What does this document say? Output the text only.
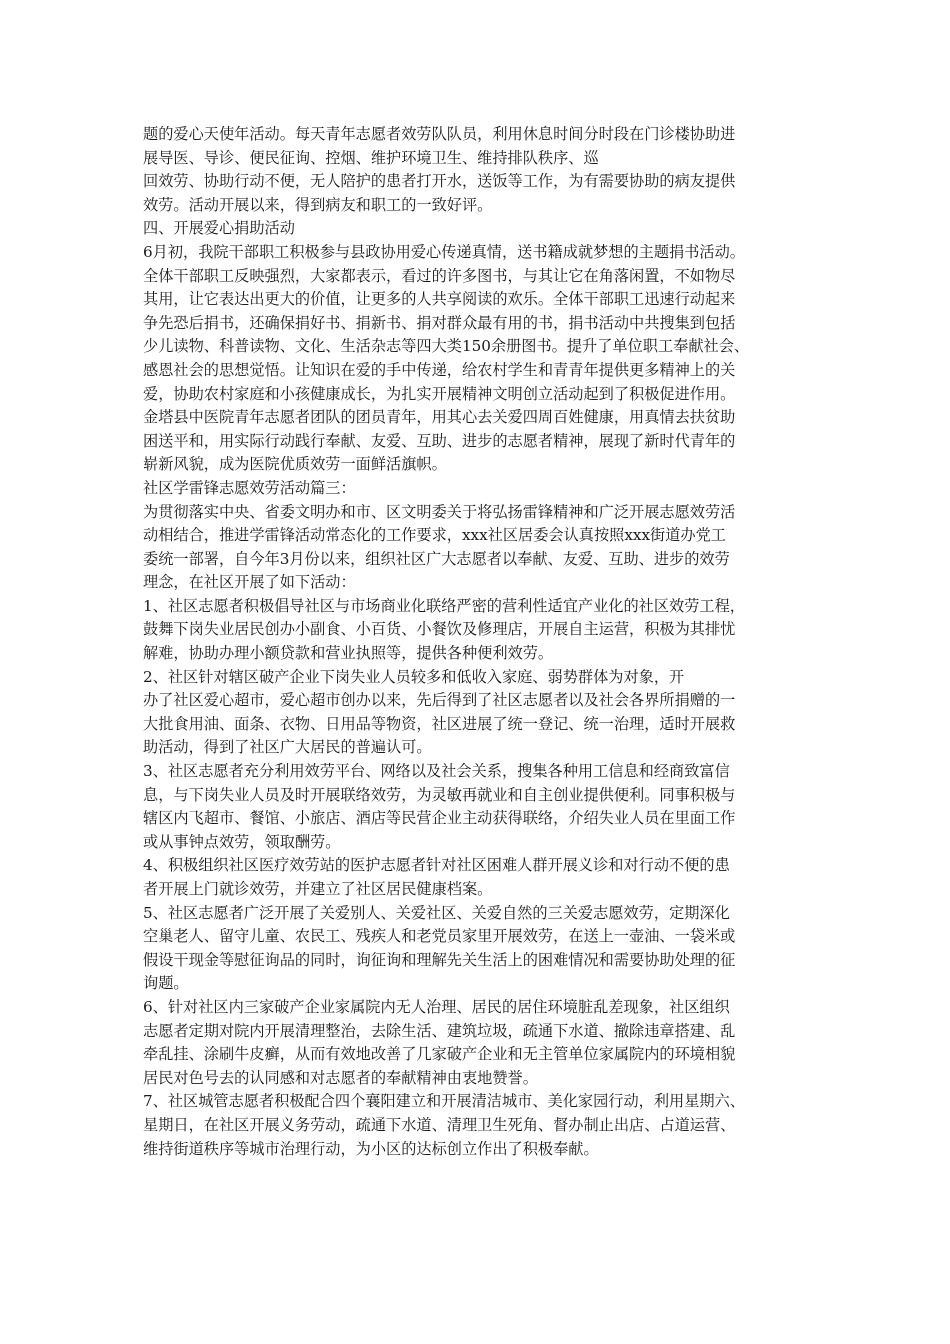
题的爱心天使年活动。每天青年志愿者效劳队队员，利用休息时间分时段在门诊楼协助进
展导医、导诊、便民征询、控烟、维护环境卫生、维持排队秩序、巡
回效劳、协助行动不便，无人陪护的患者打开水，送饭等工作，为有需要协助的病友提供
效劳。活动开展以来，得到病友和职工的一致好评。
四、开展爱心捐助活动
6月初，我院干部职工积极参与县政协用爱心传递真情，送书籍成就梦想的主题捐书活动。
全体干部职工反映强烈，大家都表示，看过的许多图书，与其让它在角落闲置，不如物尽
其用，让它表达出更大的价值，让更多的人共享阅读的欢乐。全体干部职工迅速行动起来
争先恐后捐书，还确保捐好书、捐新书、捐对群众最有用的书，捐书活动中共搜集到包括
少儿读物、科普读物、文化、生活杂志等四大类150余册图书。提升了单位职工奉献社会、
感恩社会的思想觉悟。让知识在爱的手中传递，给农村学生和青青年提供更多精神上的关
爱，协助农村家庭和小孩健康成长，为扎实开展精神文明创立活动起到了积极促进作用。
金塔县中医院青年志愿者团队的团员青年，用其心去关爱四周百姓健康，用真情去扶贫助
困送平和，用实际行动践行奉献、友爱、互助、进步的志愿者精神，展现了新时代青年的
崭新风貌，成为医院优质效劳一面鲜活旗帜。
社区学雷锋志愿效劳活动篇三：
为贯彻落实中央、省委文明办和市、区文明委关于将弘扬雷锋精神和广泛开展志愿效劳活
动相结合，推进学雷锋活动常态化的工作要求，xxx社区居委会认真按照xxx街道办党工
委统一部署，自今年3月份以来，组织社区广大志愿者以奉献、友爱、互助、进步的效劳
理念，在社区开展了如下活动：
1、社区志愿者积极倡导社区与市场商业化联络严密的营利性适宜产业化的社区效劳工程，
鼓舞下岗失业居民创办小副食、小百货、小餐饮及修理店，开展自主运营，积极为其排忧
解难，协助办理小额贷款和营业执照等，提供各种便利效劳。
2、社区针对辖区破产企业下岗失业人员较多和低收入家庭、弱势群体为对象，开
办了社区爱心超市，爱心超市创办以来，先后得到了社区志愿者以及社会各界所捐赠的一
大批食用油、面条、衣物、日用品等物资，社区进展了统一登记、统一治理，适时开展救
助活动，得到了社区广大居民的普遍认可。
3、社区志愿者充分利用效劳平台、网络以及社会关系，搜集各种用工信息和经商致富信
息，与下岗失业人员及时开展联络效劳，为灵敏再就业和自主创业提供便利。同事积极与
辖区内飞超市、餐馆、小旅店、酒店等民营企业主动获得联络，介绍失业人员在里面工作
或从事钟点效劳，领取酬劳。
4、积极组织社区医疗效劳站的医护志愿者针对社区困难人群开展义诊和对行动不便的患
者开展上门就诊效劳，并建立了社区居民健康档案。
5、社区志愿者广泛开展了关爱别人、关爱社区、关爱自然的三关爱志愿效劳，定期深化
空巢老人、留守儿童、农民工、残疾人和老党员家里开展效劳，在送上一壶油、一袋米或
假设干现金等慰征询品的同时，询征询和理解先关生活上的困难情况和需要协助处理的征
询题。
6、针对社区内三家破产企业家属院内无人治理、居民的居住环境脏乱差现象，社区组织
志愿者定期对院内开展清理整治，去除生活、建筑垃圾，疏通下水道、撤除违章搭建、乱
牵乱挂、涂刷牛皮癣，从而有效地改善了几家破产企业和无主管单位家属院内的环境相貌
居民对色号去的认同感和对志愿者的奉献精神由衷地赞誉。
7、社区城管志愿者积极配合四个襄阳建立和开展清洁城市、美化家园行动，利用星期六、
星期日，在社区开展义务劳动，疏通下水道、清理卫生死角、督办制止出店、占道运营、
维持街道秩序等城市治理行动，为小区的达标创立作出了积极奉献。
